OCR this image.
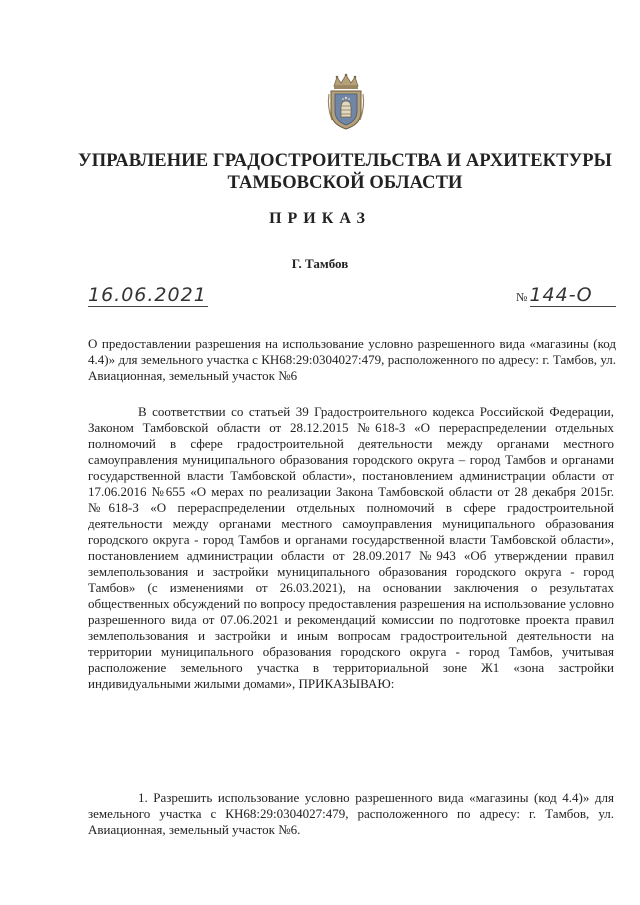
УПРАВЛЕНИЕ ГРАДОСТРОИТЕЛЬСТВА И АРХИТЕКТУРЫ ТАМБОВСКОЙ ОБЛАСТИ
ПРИКАЗ
Г. Тамбов
16.06.2021	№ 144-О
О предоставлении разрешения на использование условно разрешенного вида «магазины (код 4.4)» для земельного участка с КН68:29:0304027:479, расположенного по адресу: г. Тамбов, ул. Авиационная, земельный участок №6

В соответствии со статьей 39 Градостроительного кодекса Российской Федерации, Законом Тамбовской области от 28.12.2015 №618-З «О перераспределении отдельных полномочий в сфере градостроительной деятельности между органами местного самоуправления муниципального образования городского округа – город Тамбов и органами государственной власти Тамбовской области», постановлением администрации области от 17.06.2016 №655 «О мерах по реализации Закона Тамбовской области от 28 декабря 2015г. №618-З «О перераспределении отдельных полномочий в сфере градостроительной деятельности между органами местного самоуправления муниципального образования городского округа - город Тамбов и органами государственной власти Тамбовской области», постановлением администрации области от 28.09.2017 №943 «Об утверждении правил землепользования и застройки муниципального образования городского округа - город Тамбов» (с изменениями от 26.03.2021), на основании заключения о результатах общественных обсуждений по вопросу предоставления разрешения на использование условно разрешенного вида от 07.06.2021 и рекомендаций комиссии по подготовке проекта правил землепользования и застройки и иным вопросам градостроительной деятельности на территории муниципального образования городского округа - город Тамбов, учитывая расположение земельного участка в территориальной зоне Ж1 «зона застройки индивидуальными жилыми домами», ПРИКАЗЫВАЮ:

1. Разрешить использование условно разрешенного вида «магазины (код 4.4)» для земельного участка с КН68:29:0304027:479, расположенного по адресу: г. Тамбов, ул. Авиационная, земельный участок №6.
